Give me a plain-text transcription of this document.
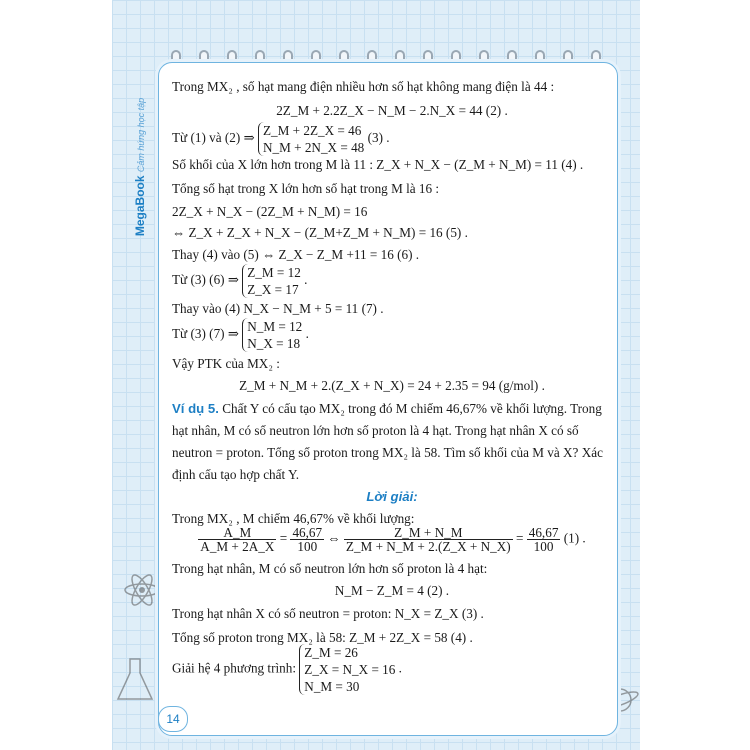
MegaBook Cảm hứng học tập
Trong MX₂ , số hạt mang điện nhiều hơn số hạt không mang điện là 44 :
2Z_M + 2.2Z_X − N_M − 2.N_X = 44 (2) .
Từ (1) và (2) ⇒ Z_M + 2Z_X = 46
N_M + 2N_X = 48
(3) .
Số khối của X lớn hơn trong M là 11 : Z_X + N_X − (Z_M + N_M) = 11 (4) .
Tổng số hạt trong X lớn hơn số hạt trong M là 16 :
2Z_X + N_X − (2Z_M + N_M) = 16
⇔ Z_X + Z_X + N_X − (Z_M+Z_M + N_M) = 16 (5) .
Thay (4) vào (5) ⇔ Z_X − Z_M +11 = 16 (6) .
Từ (3) (6) ⇒ Z_M = 12
Z_X = 17
.
Thay vào (4) N_X − N_M + 5 = 11 (7) .
Từ (3) (7) ⇒ N_M = 12
N_X = 18
.
Vậy PTK của MX₂ :
Z_M + N_M + 2.(Z_X + N_X) = 24 + 2.35 = 94 (g/mol) .
Ví dụ 5. Chất Y có cấu tạo MX₂ trong đó M chiếm 46,67% về khối lượng. Trong
hạt nhân, M có số neutron lớn hơn số proton là 4 hạt. Trong hạt nhân X có số
neutron = proton. Tổng số proton trong MX₂ là 58. Tìm số khối của M và X? Xác
định cấu tạo hợp chất Y.
Lời giải:
Trong MX₂ , M chiếm 46,67% về khối lượng:
$\frac{A\_M}{A\_M + 2A\_X} = \frac{46,67}{100}$ ⇔ $\frac{Z\_M + N\_M}{Z\_M + N\_M + 2.(Z\_X + N\_X)} = \frac{46,67}{100} (1)$ .
Trong hạt nhân, M có số neutron lớn hơn số proton là 4 hạt:
N_M − Z_M = 4 (2) .
Trong hạt nhân X có số neutron = proton: N_X = Z_X (3) .
Tổng số proton trong MX₂ là 58: Z_M + 2Z_X = 58 (4) .
Giải hệ 4 phương trình:
Z_M = 26
Z_X = N_X = 16
N_M = 30
.
14
